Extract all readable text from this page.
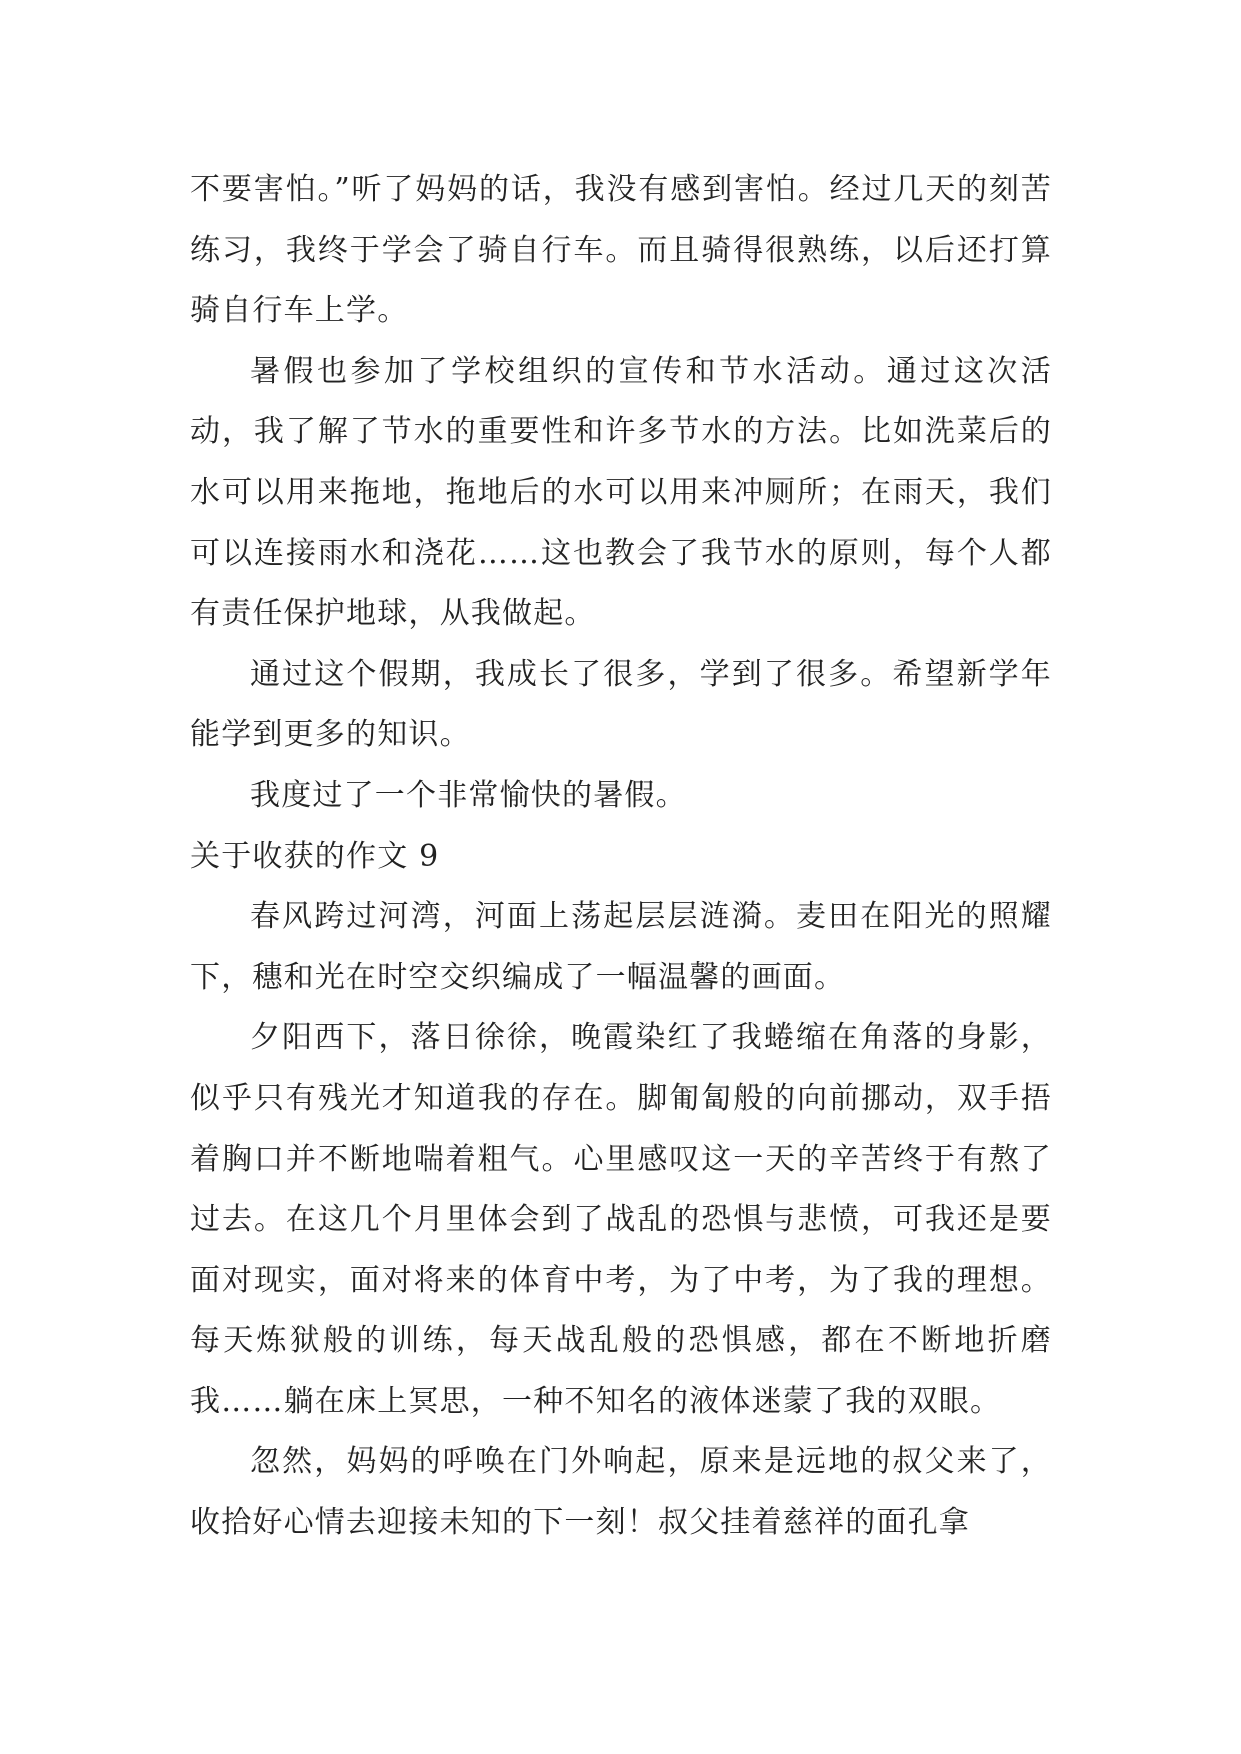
不要害怕。”听了妈妈的话，我没有感到害怕。经过几天的刻苦练习，我终于学会了骑自行车。而且骑得很熟练，以后还打算骑自行车上学。

暑假也参加了学校组织的宣传和节水活动。通过这次活动，我了解了节水的重要性和许多节水的方法。比如洗菜后的水可以用来拖地，拖地后的水可以用来冲厕所；在雨天，我们可以连接雨水和浇花……这也教会了我节水的原则，每个人都有责任保护地球，从我做起。

通过这个假期，我成长了很多，学到了很多。希望新学年能学到更多的知识。

我度过了一个非常愉快的暑假。

关于收获的作文 9

春风跨过河湾，河面上荡起层层涟漪。麦田在阳光的照耀下，穗和光在时空交织编成了一幅温馨的画面。

夕阳西下，落日徐徐，晚霞染红了我蜷缩在角落的身影，似乎只有残光才知道我的存在。脚匍匐般的向前挪动，双手捂着胸口并不断地喘着粗气。心里感叹这一天的辛苦终于有熬了过去。在这几个月里体会到了战乱的恐惧与悲愤，可我还是要面对现实，面对将来的体育中考，为了中考，为了我的理想。每天炼狱般的训练，每天战乱般的恐惧感，都在不断地折磨我……躺在床上冥思，一种不知名的液体迷蒙了我的双眼。

忽然，妈妈的呼唤在门外响起，原来是远地的叔父来了，收拾好心情去迎接未知的下一刻！叔父挂着慈祥的面孔拿
